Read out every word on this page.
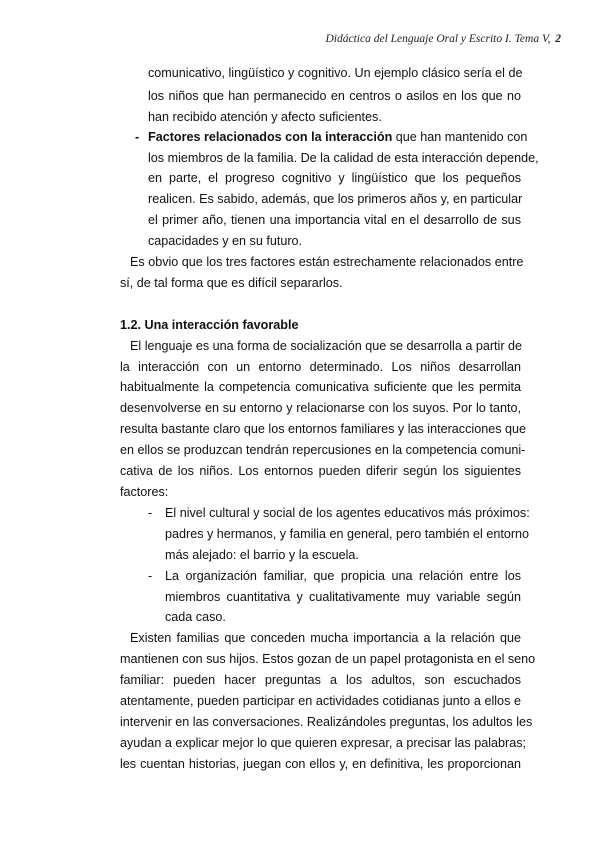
Didáctica del Lenguaje Oral y Escrito I. Tema V, 2
comunicativo, lingüístico y cognitivo. Un ejemplo clásico sería el de
los niños que han permanecido en centros o asilos en los que no
han recibido atención y afecto suficientes.
- Factores relacionados con la interacción que han mantenido con
los miembros de la familia. De la calidad de esta interacción depende,
en parte, el progreso cognitivo y lingüístico que los pequeños
realicen. Es sabido, además, que los primeros años y, en particular
el primer año, tienen una importancia vital en el desarrollo de sus
capacidades y en su futuro.
Es obvio que los tres factores están estrechamente relacionados entre
sí, de tal forma que es difícil separarlos.
1.2. Una interacción favorable
El lenguaje es una forma de socialización que se desarrolla a partir de
la interacción con un entorno determinado. Los niños desarrollan
habitualmente la competencia comunicativa suficiente que les permita
desenvolverse en su entorno y relacionarse con los suyos. Por lo tanto,
resulta bastante claro que los entornos familiares y las interacciones que
en ellos se produzcan tendrán repercusiones en la competencia comuni-
cativa de los niños. Los entornos pueden diferir según los siguientes
factores:
- El nivel cultural y social de los agentes educativos más próximos:
padres y hermanos, y familia en general, pero también el entorno
más alejado: el barrio y la escuela.
- La organización familiar, que propicia una relación entre los
miembros cuantitativa y cualitativamente muy variable según
cada caso.
Existen familias que conceden mucha importancia a la relación que
mantienen con sus hijos. Estos gozan de un papel protagonista en el seno
familiar: pueden hacer preguntas a los adultos, son escuchados
atentamente, pueden participar en actividades cotidianas junto a ellos e
intervenir en las conversaciones. Realizándoles preguntas, los adultos les
ayudan a explicar mejor lo que quieren expresar, a precisar las palabras;
les cuentan historias, juegan con ellos y, en definitiva, les proporcionan
